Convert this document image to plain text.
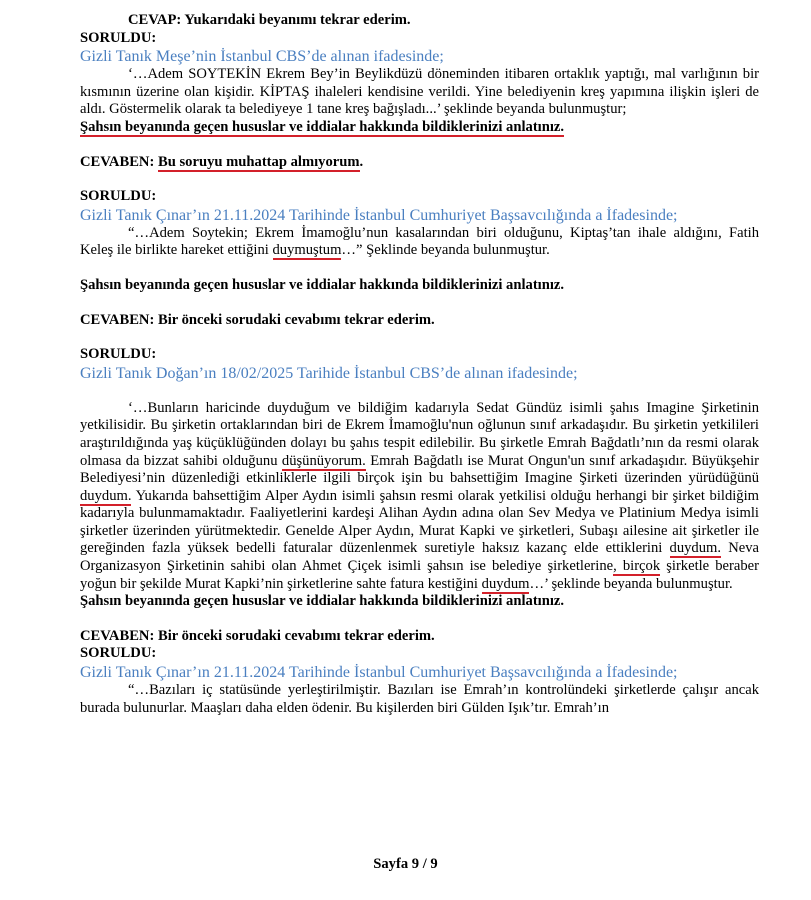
CEVAP: Yukarıdaki beyanımı tekrar ederim.

SORULDU:

Gizli Tanık Meşe’nin İstanbul CBS’de alınan ifadesinde;

‘…Adem SOYTEKİN Ekrem Bey’in Beylikdüzü döneminden itibaren ortaklık yaptığı, mal varlığının bir kısmının üzerine olan kişidir. KİPTAŞ ihaleleri kendisine verildi. Yine belediyenin kreş yapımına ilişkin işleri de aldı. Göstermelik olarak ta belediyeye 1 tane kreş bağışladı...’ şeklinde beyanda bulunmuştur;

Şahsın beyanında geçen hususlar ve iddialar hakkında bildiklerinizi anlatınız.

CEVABEN: Bu soruyu muhattap almıyorum.

SORULDU:

Gizli Tanık Çınar’ın 21.11.2024 Tarihinde İstanbul Cumhuriyet Başsavcılığında a İfadesinde;

“…Adem Soytekin; Ekrem İmamoğlu’nun kasalarından biri olduğunu, Kiptaş’tan ihale aldığını, Fatih Keleş ile birlikte hareket ettiğini duymuştum…” Şeklinde beyanda bulunmuştur.

Şahsın beyanında geçen hususlar ve iddialar hakkında bildiklerinizi anlatınız.

CEVABEN: Bir önceki sorudaki cevabımı tekrar ederim.

SORULDU:

Gizli Tanık Doğan’ın 18/02/2025 Tarihide İstanbul CBS’de alınan ifadesinde;

‘…Bunların haricinde duyduğum ve bildiğim kadarıyla Sedat Gündüz isimli şahıs Imagine Şirketinin yetkilisidir. Bu şirketin ortaklarından biri de Ekrem İmamoğlu'nun oğlunun sınıf arkadaşıdır. Bu şirketin yetkilileri araştırıldığında yaş küçüklüğünden dolayı bu şahıs tespit edilebilir. Bu şirketle Emrah Bağdatlı’nın da resmi olarak olmasa da bizzat sahibi olduğunu düşünüyorum. Emrah Bağdatlı ise Murat Ongun'un sınıf arkadaşıdır. Büyükşehir Belediyesi’nin düzenlediği etkinliklerle ilgili birçok işin bu bahsettiğim Imagine Şirketi üzerinden yürüdüğünü duydum. Yukarıda bahsettiğim Alper Aydın isimli şahsın resmi olarak yetkilisi olduğu herhangi bir şirket bildiğim kadarıyla bulunmamaktadır. Faaliyetlerini kardeşi Alihan Aydın adına olan Sev Medya ve Platinium Medya isimli şirketler üzerinden yürütmektedir. Genelde Alper Aydın, Murat Kapki ve şirketleri, Subaşı ailesine ait şirketler ile gereğinden fazla yüksek bedelli faturalar düzenlenmek suretiyle haksız kazanç elde ettiklerini duydum. Neva Organizasyon Şirketinin sahibi olan Ahmet Çiçek isimli şahsın ise belediye şirketlerine, birçok şirketle beraber yoğun bir şekilde Murat Kapki’nin şirketlerine sahte fatura kestiğini duydum…’ şeklinde beyanda bulunmuştur.

Şahsın beyanında geçen hususlar ve iddialar hakkında bildiklerinizi anlatınız.

CEVABEN: Bir önceki sorudaki cevabımı tekrar ederim.

SORULDU:

Gizli Tanık Çınar’ın 21.11.2024 Tarihinde İstanbul Cumhuriyet Başsavcılığında a İfadesinde;

“…Bazıları iç statüsünde yerleştirilmiştir. Bazıları ise Emrah’ın kontrolündeki şirketlerde çalışır ancak burada bulunurlar. Maaşları daha elden ödenir. Bu kişilerden biri Gülden Işık’tır. Emrah’ın

Sayfa 9 / 9
